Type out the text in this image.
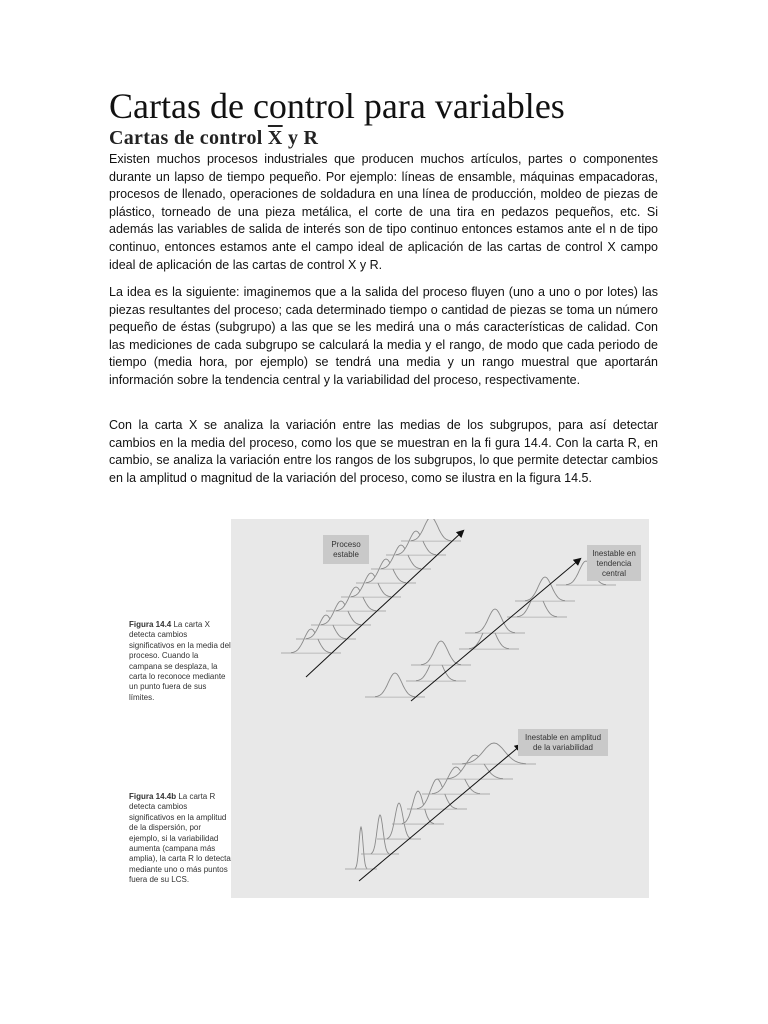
Cartas de control para variables
Cartas de control X y R

Existen muchos procesos industriales que producen muchos artículos, partes o componentes durante un lapso de tiempo pequeño. Por ejemplo: líneas de ensamble, máquinas empacadoras, procesos de llenado, operaciones de soldadura en una línea de producción, moldeo de piezas de plástico, torneado de una pieza metálica, el corte de una tira en pedazos pequeños, etc. Si además las variables de salida de interés son de tipo continuo entonces estamos ante el n de tipo continuo, entonces estamos ante el campo ideal de aplicación de las cartas de control X campo ideal de aplicación de las cartas de control X y R.

La idea es la siguiente: imaginemos que a la salida del proceso fluyen (uno a uno o por lotes) las piezas resultantes del proceso; cada determinado tiempo o cantidad de piezas se toma un número pequeño de éstas (subgrupo) a las que se les medirá una o más características de calidad. Con las mediciones de cada subgrupo se calculará la media y el rango, de modo que cada periodo de tiempo (media hora, por ejemplo) se tendrá una media y un rango muestral que aportarán información sobre la tendencia central y la variabilidad del proceso, respectivamente.

Con la carta X se analiza la variación entre las medias de los subgrupos, para así detectar cambios en la media del proceso, como los que se muestran en la fi gura 14.4. Con la carta R, en cambio, se analiza la variación entre los rangos de los subgrupos, lo que permite detectar cambios en la amplitud o magnitud de la variación del proceso, como se ilustra en la figura 14.5.

Figura 14.4 La carta X detecta cambios significativos en la media del proceso. Cuando la campana se desplaza, la carta lo reconoce mediante un punto fuera de sus límites.

Figura 14.4b La carta R detecta cambios significativos en la amplitud de la dispersión, por ejemplo, si la variabilidad aumenta (campana más amplia), la carta R lo detecta mediante uno o más puntos fuera de su LCS.

Proceso
estable	Inestable en
tendencia
central
Inestable en amplitud
de la variabilidad
